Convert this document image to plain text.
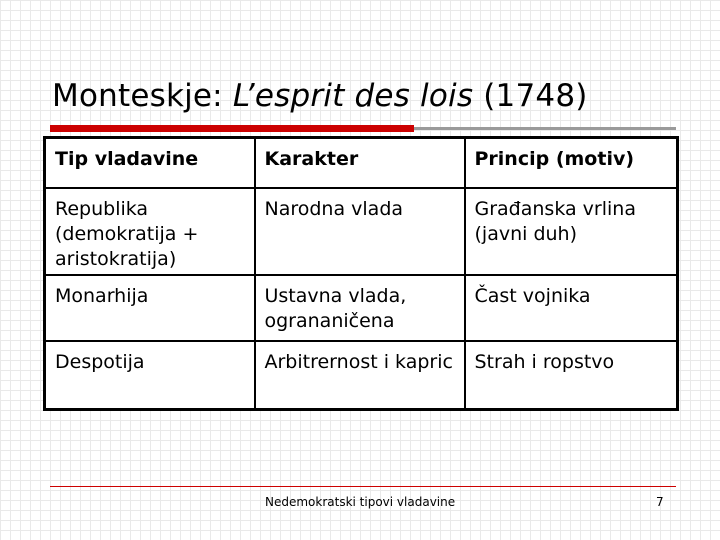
Monteskje: L’esprit des lois (1748)
Tip vladavine	Karakter	Princip (motiv)
Republika (demokratija + aristokratija)	Narodna vlada	Građanska vrlina (javni duh)
Monarhija	Ustavna vlada, ogrananičena	Čast vojnika
Despotija	Arbitrernost i kapric	Strah i ropstvo
Nedemokratski tipovi vladavine	7
